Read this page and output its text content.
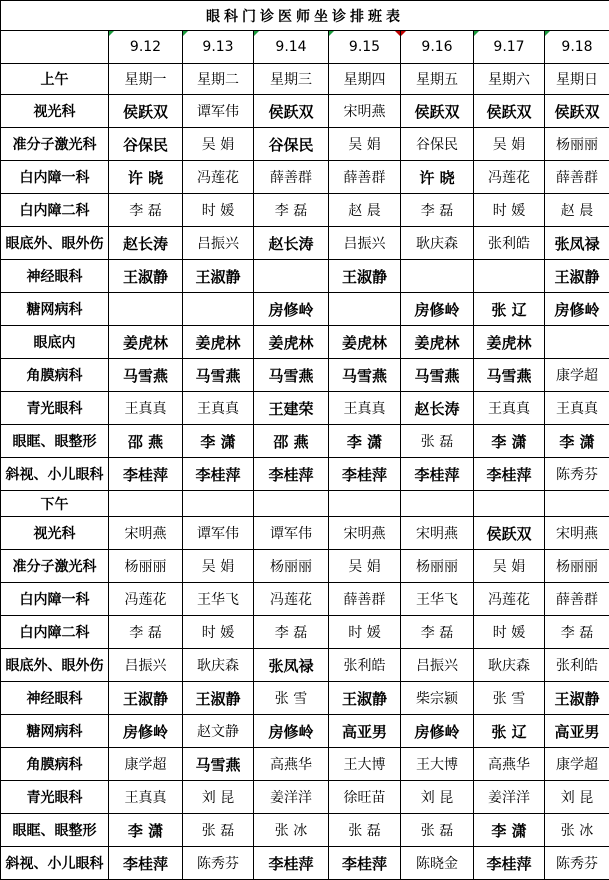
眼科门诊医师坐诊排班表							
	9.12	9.13	9.14	9.15	9.16	9.17	9.18
上午	星期一	星期二	星期三	星期四	星期五	星期六	星期日
视光科	侯跃双	谭军伟	侯跃双	宋明燕	侯跃双	侯跃双	侯跃双
准分子激光科	谷保民	吴 娟	谷保民	吴 娟	谷保民	吴 娟	杨丽丽
白内障一科	许 晓	冯莲花	薛善群	薛善群	许 晓	冯莲花	薛善群
白内障二科	李 磊	时 媛	李 磊	赵 晨	李 磊	时 媛	赵 晨
眼底外、眼外伤	赵长涛	吕振兴	赵长涛	吕振兴	耿庆森	张利皓	张凤禄
神经眼科	王淑静	王淑静		王淑静			王淑静
糖网病科			房修岭		房修岭	张 辽	房修岭
眼底内	姜虎林	姜虎林	姜虎林	姜虎林	姜虎林	姜虎林	
角膜病科	马雪燕	马雪燕	马雪燕	马雪燕	马雪燕	马雪燕	康学超
青光眼科	王真真	王真真	王建荣	王真真	赵长涛	王真真	王真真
眼眶、眼整形	邵 燕	李 潇	邵 燕	李 潇	张 磊	李 潇	李 潇
斜视、小儿眼科	李桂萍	李桂萍	李桂萍	李桂萍	李桂萍	李桂萍	陈秀芬
下午							
视光科	宋明燕	谭军伟	谭军伟	宋明燕	宋明燕	侯跃双	宋明燕
准分子激光科	杨丽丽	吴 娟	杨丽丽	吴 娟	杨丽丽	吴 娟	杨丽丽
白内障一科	冯莲花	王华飞	冯莲花	薛善群	王华飞	冯莲花	薛善群
白内障二科	李 磊	时 媛	李 磊	时 媛	李 磊	时 媛	李 磊
眼底外、眼外伤	吕振兴	耿庆森	张凤禄	张利皓	吕振兴	耿庆森	张利皓
神经眼科	王淑静	王淑静	张 雪	王淑静	柴宗颍	张 雪	王淑静
糖网病科	房修岭	赵文静	房修岭	高亚男	房修岭	张 辽	高亚男
角膜病科	康学超	马雪燕	高燕华	王大博	王大博	高燕华	康学超
青光眼科	王真真	刘 昆	姜洋洋	徐旺苗	刘 昆	姜洋洋	刘 昆
眼眶、眼整形	李 潇	张 磊	张 冰	张 磊	张 磊	李 潇	张 冰
斜视、小儿眼科	李桂萍	陈秀芬	李桂萍	李桂萍	陈晓金	李桂萍	陈秀芬
